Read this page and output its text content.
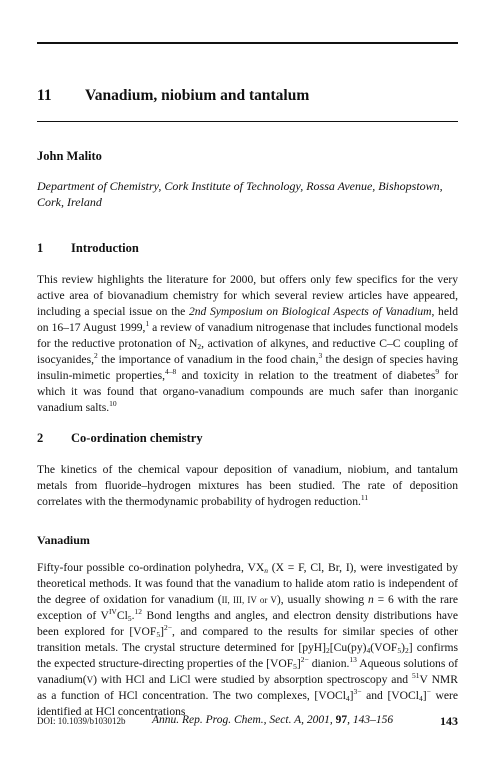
11 Vanadium, niobium and tantalum
John Malito
Department of Chemistry, Cork Institute of Technology, Rossa Avenue, Bishopstown, Cork, Ireland
1 Introduction

This review highlights the literature for 2000, but offers only few specifics for the very active area of biovanadium chemistry for which several review articles have appeared, including a special issue on the 2nd Symposium on Biological Aspects of Vanadium, held on 16–17 August 1999,$^1$ a review of vanadium nitrogenase that includes functional models for the reductive protonation of $N_2$, activation of alkynes, and reductive C–C coupling of isocyanides,$^2$ the importance of vanadium in the food chain,$^3$ the design of species having insulin-mimetic properties,$^{4-8}$ and toxicity in relation to the treatment of diabetes$^9$ for which it was found that organo-vanadium compounds are much safer than inorganic vanadium salts.$^{10}$

2 Co-ordination chemistry

The kinetics of the chemical vapour deposition of vanadium, niobium, and tantalum metals from fluoride–hydrogen mixtures has been studied. The rate of deposition correlates with the thermodynamic probability of hydrogen reduction.$^{11}$

Vanadium

Fifty-four possible co-ordination polyhedra, $VX_n$ (X = F, Cl, Br, I), were investigated by theoretical methods. It was found that the vanadium to halide atom ratio is independent of the degree of oxidation for vanadium (II, III, IV or V), usually showing n = 6 with the rare exception of $V^{IV}Cl_5.^{12}$ Bond lengths and angles, and electron density distributions have been explored for $[VOF_5]^{2-}$, and compared to the results for similar species of other transition metals. The crystal structure determined for $[pyH]_2[Cu(py)_4(VOF_5)_2]$ confirms the expected structure-directing properties of the $[VOF_5]^{2-}$ dianion.$^{13}$ Aqueous solutions of vanadium(V) with HCl and LiCl were studied by absorption spectroscopy and $^{51}$V NMR as a function of HCl concentration. The two complexes, [VOCl$_4$]$^{3-}$ and [VOCl$_4$]− were identified at HCl concentrations

DOI: 10.1039/b103012b Annu. Rep. Prog. Chem., Sect. A, 2001, 97, 143–156	143
